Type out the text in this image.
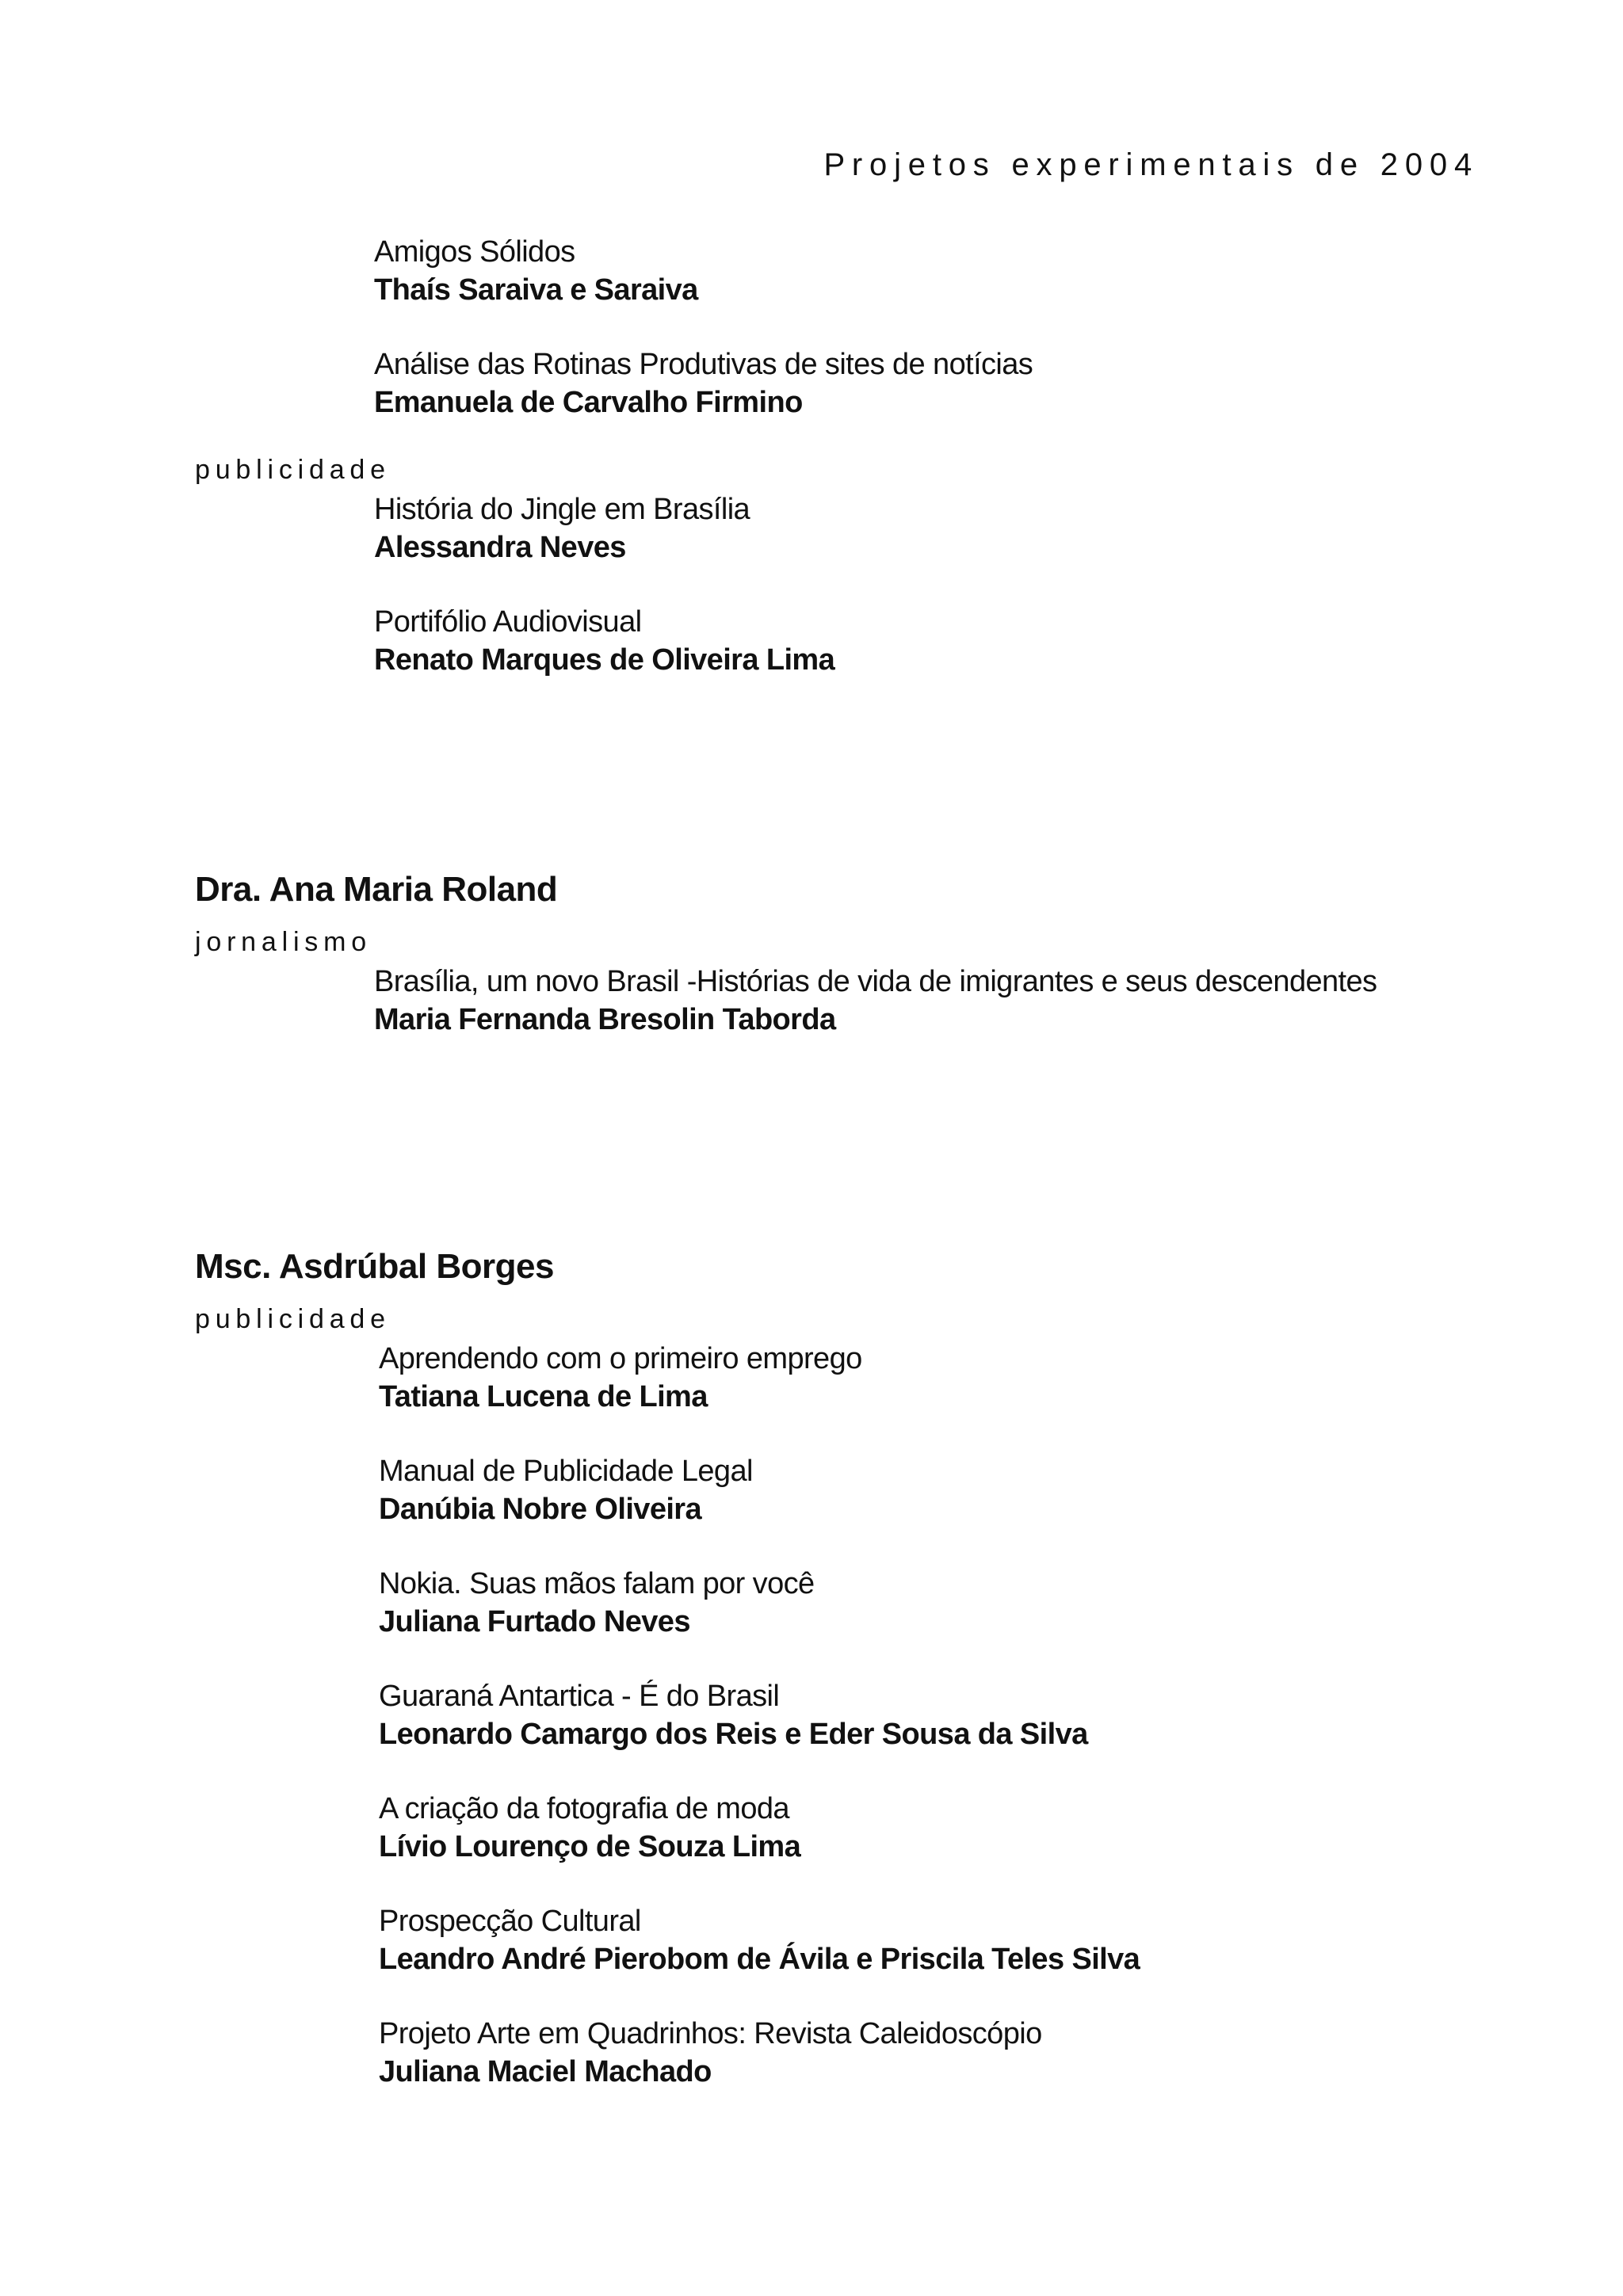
Projetos experimentais de 2004
Amigos Sólidos
Thaís Saraiva e Saraiva
Análise das Rotinas Produtivas de sites de notícias
Emanuela de Carvalho Firmino
publicidade
História do Jingle em Brasília
Alessandra Neves
Portifólio Audiovisual
Renato Marques de Oliveira Lima
Dra. Ana Maria Roland
jornalismo
Brasília, um novo Brasil -Histórias de vida de imigrantes e seus descendentes
Maria Fernanda Bresolin Taborda
Msc. Asdrúbal Borges
publicidade
Aprendendo com o primeiro emprego
Tatiana Lucena de Lima
Manual de Publicidade Legal
Danúbia Nobre Oliveira
Nokia. Suas mãos falam por você
Juliana Furtado Neves
Guaraná Antartica - É do Brasil
Leonardo Camargo dos Reis e Eder Sousa da Silva
A criação da fotografia de moda
Lívio Lourenço de Souza Lima
Prospecção Cultural
Leandro André Pierobom de Ávila e Priscila Teles Silva
Projeto Arte em Quadrinhos: Revista Caleidoscópio
Juliana Maciel Machado
